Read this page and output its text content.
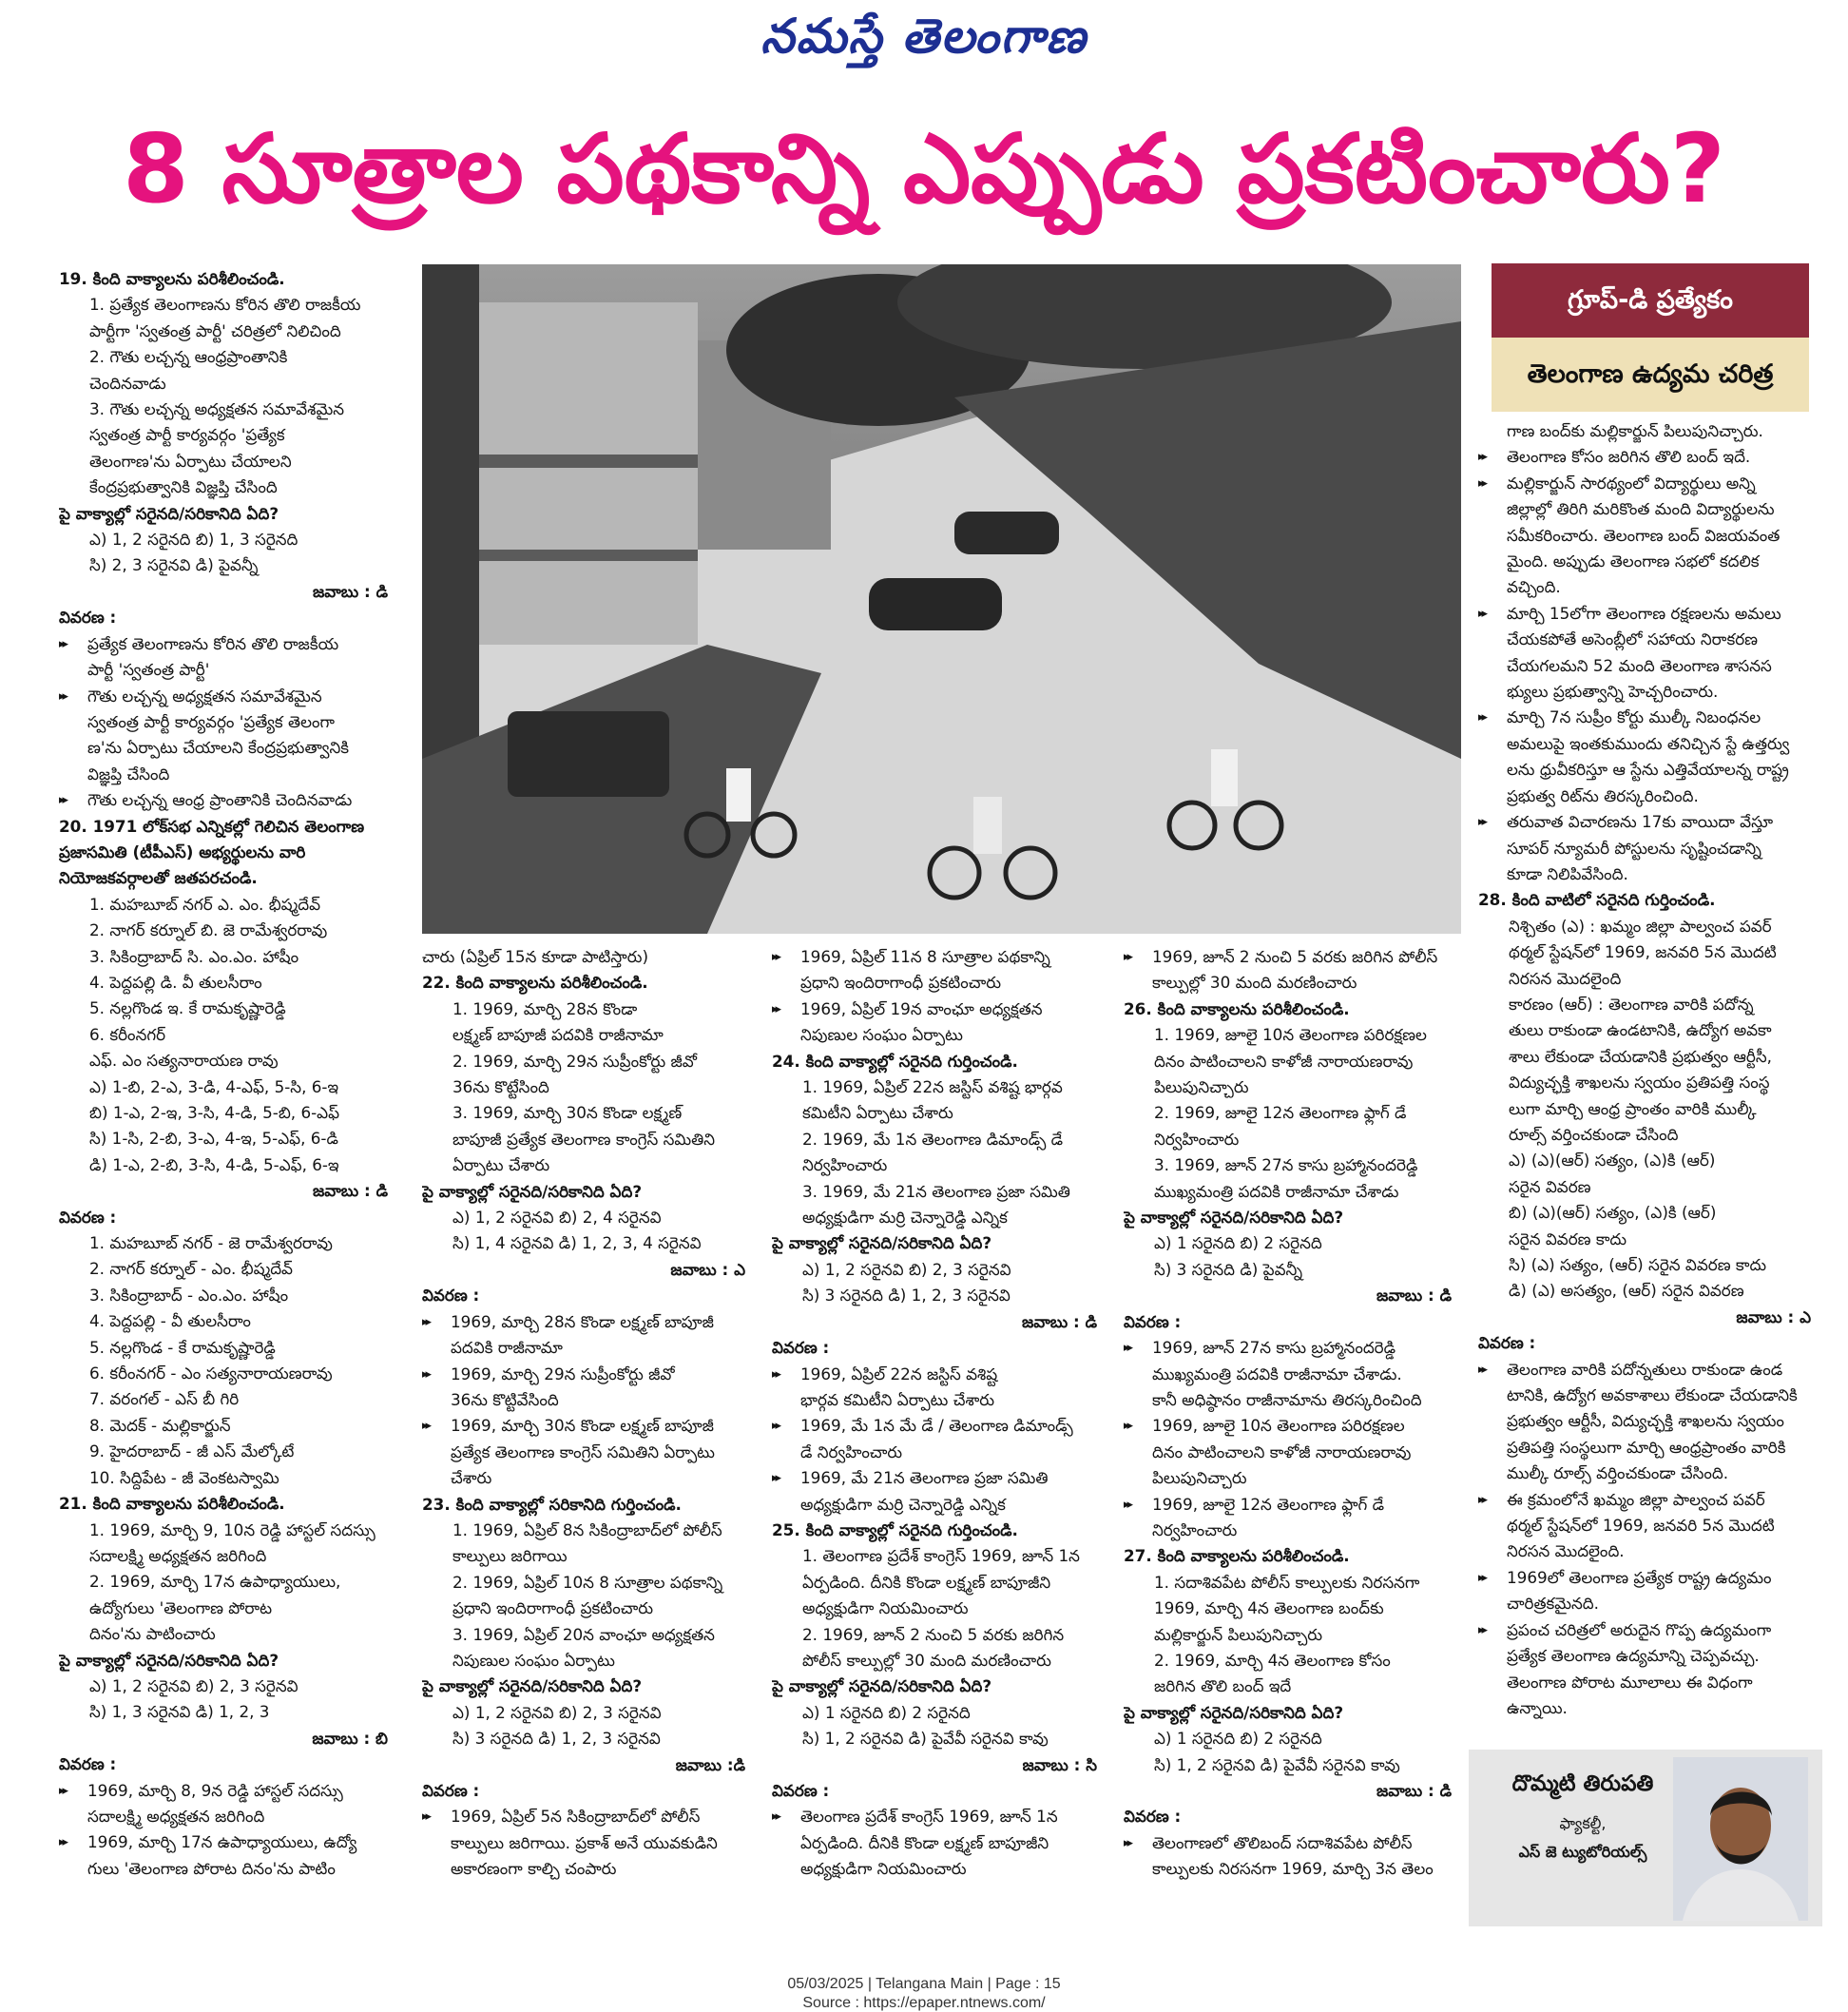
నమస్తే తెలంగాణ
8 సూత్రాల పథకాన్ని ఎప్పుడు ప్రకటించారు?

19. కింది వాక్యాలను పరిశీలించండి.

1. ప్రత్యేక తెలంగాణను కోరిన తొలి రాజకీయ

పార్టీగా 'స్వతంత్ర పార్టీ' చరిత్రలో నిలిచింది

2. గౌతు లచ్చన్న ఆంధ్రప్రాంతానికి

చెందినవాడు

3. గౌతు లచ్చన్న అధ్యక్షతన సమావేశమైన

స్వతంత్ర పార్టీ కార్యవర్గం 'ప్రత్యేక

తెలంగాణ'ను ఏర్పాటు చేయాలని

కేంద్రప్రభుత్వానికి విజ్ఞప్తి చేసింది

పై వాక్యాల్లో సరైనది/సరికానిది ఏది?

ఎ) 1, 2 సరైనది బి) 1, 3 సరైనది

సి) 2, 3 సరైనవి డి) పైవన్నీ

జవాబు : డి

వివరణ :

▸▸ ప్రత్యేక తెలంగాణను కోరిన తొలి రాజకీయ

పార్టీ 'స్వతంత్ర పార్టీ'

▸▸ గౌతు లచ్చన్న అధ్యక్షతన సమావేశమైన

స్వతంత్ర పార్టీ కార్యవర్గం 'ప్రత్యేక తెలంగా

ణ'ను ఏర్పాటు చేయాలని కేంద్రప్రభుత్వానికి

విజ్ఞప్తి చేసింది

▸▸ గౌతు లచ్చన్న ఆంధ్ర ప్రాంతానికి చెందినవాడు

20. 1971 లోక్‌సభ ఎన్నికల్లో గెలిచిన తెలంగాణ

ప్రజాసమితి (టీపీఎస్) అభ్యర్థులను వారి

నియోజకవర్గాలతో జతపరచండి.

1. మహబూబ్ నగర్ ఎ. ఎం. భీష్మదేవ్

2. నాగర్ కర్నూల్ బి. జె రామేశ్వరరావు

3. సికింద్రాబాద్ సి. ఎం.ఎం. హాషీం

4. పెద్దపల్లి డి. వీ తులసీరాం

5. నల్లగొండ ఇ. కే రామకృష్ణారెడ్డి

6. కరీంనగర్

ఎఫ్. ఎం సత్యనారాయణ రావు

ఎ) 1-బి, 2-ఎ, 3-డి, 4-ఎఫ్, 5-సి, 6-ఇ

బి) 1-ఎ, 2-ఇ, 3-సి, 4-డి, 5-బి, 6-ఎఫ్

సి) 1-సి, 2-బి, 3-ఎ, 4-ఇ, 5-ఎఫ్, 6-డి

డి) 1-ఎ, 2-బి, 3-సి, 4-డి, 5-ఎఫ్, 6-ఇ

జవాబు : డి

వివరణ :

1. మహబూబ్ నగర్ - జె రామేశ్వరరావు

2. నాగర్ కర్నూల్ - ఎం. భీష్మదేవ్

3. సికింద్రాబాద్ - ఎం.ఎం. హాషీం

4. పెద్దపల్లి - వీ తులసీరాం

5. నల్లగొండ - కే రామకృష్ణారెడ్డి

6. కరీంనగర్ - ఎం సత్యనారాయణరావు

7. వరంగల్ - ఎస్ బీ గిరి

8. మెదక్ - మల్లికార్జున్

9. హైదరాబాద్ - జీ ఎస్ మేల్కోటే

10. సిద్దిపేట - జీ వెంకటస్వామి

21. కింది వాక్యాలను పరిశీలించండి.

1. 1969, మార్చి 9, 10న రెడ్డి హాస్టల్ సదస్సు

సదాలక్ష్మి అధ్యక్షతన జరిగింది

2. 1969, మార్చి 17న ఉపాధ్యాయులు,

ఉద్యోగులు 'తెలంగాణ పోరాట

దినం'ను పాటించారు

పై వాక్యాల్లో సరైనది/సరికానిది ఏది?

ఎ) 1, 2 సరైనవి బి) 2, 3 సరైనవి

సి) 1, 3 సరైనవి డి) 1, 2, 3

జవాబు : బి

వివరణ :

▸▸ 1969, మార్చి 8, 9న రెడ్డి హాస్టల్ సదస్సు

సదాలక్ష్మి అధ్యక్షతన జరిగింది

▸▸ 1969, మార్చి 17న ఉపాధ్యాయులు, ఉద్యో

గులు 'తెలంగాణ పోరాట దినం'ను పాటిం

చారు (ఏప్రిల్ 15న కూడా పాటిస్తారు)

22. కింది వాక్యాలను పరిశీలించండి.

1. 1969, మార్చి 28న కొండా

లక్ష్మణ్ బాపూజీ పదవికి రాజీనామా

2. 1969, మార్చి 29న సుప్రీంకోర్టు జీవో

36ను కొట్టేసింది

3. 1969, మార్చి 30న కొండా లక్ష్మణ్

బాపూజీ ప్రత్యేక తెలంగాణ కాంగ్రెస్ సమితిని

ఏర్పాటు చేశారు

పై వాక్యాల్లో సరైనది/సరికానిది ఏది?

ఎ) 1, 2 సరైనవి బి) 2, 4 సరైనవి

సి) 1, 4 సరైనవి డి) 1, 2, 3, 4 సరైనవి

జవాబు : ఎ

వివరణ :

▸▸ 1969, మార్చి 28న కొండా లక్ష్మణ్ బాపూజీ

పదవికి రాజీనామా

▸▸ 1969, మార్చి 29న సుప్రీంకోర్టు జీవో

36ను కొట్టివేసింది

▸▸ 1969, మార్చి 30న కొండా లక్ష్మణ్ బాపూజీ

ప్రత్యేక తెలంగాణ కాంగ్రెస్ సమితిని ఏర్పాటు

చేశారు

23. కింది వాక్యాల్లో సరికానిది గుర్తించండి.

1. 1969, ఏప్రిల్ 8న సికింద్రాబాద్‌లో పోలీస్

కాల్పులు జరిగాయి

2. 1969, ఏప్రిల్ 10న 8 సూత్రాల పథకాన్ని

ప్రధాని ఇందిరాగాంధీ ప్రకటించారు

3. 1969, ఏప్రిల్ 20న వాంఛూ అధ్యక్షతన

నిపుణుల సంఘం ఏర్పాటు

పై వాక్యాల్లో సరైనది/సరికానిది ఏది?

ఎ) 1, 2 సరైనవి బి) 2, 3 సరైనవి

సి) 3 సరైనది డి) 1, 2, 3 సరైనవి

జవాబు :డి

వివరణ :

▸▸ 1969, ఏప్రిల్ 5న సికింద్రాబాద్‌లో పోలీస్

కాల్పులు జరిగాయి. ప్రకాశ్ అనే యువకుడిని

అకారణంగా కాల్చి చంపారు

▸▸ 1969, ఏప్రిల్ 11న 8 సూత్రాల పథకాన్ని

ప్రధాని ఇందిరాగాంధీ ప్రకటించారు

▸▸ 1969, ఏప్రిల్ 19న వాంఛూ అధ్యక్షతన

నిపుణుల సంఘం ఏర్పాటు

24. కింది వాక్యాల్లో సరైనది గుర్తించండి.

1. 1969, ఏప్రిల్ 22న జస్టిస్ వశిష్ట భార్గవ

కమిటీని ఏర్పాటు చేశారు

2. 1969, మే 1న తెలంగాణ డిమాండ్స్ డే

నిర్వహించారు

3. 1969, మే 21న తెలంగాణ ప్రజా సమితి

అధ్యక్షుడిగా మర్రి చెన్నారెడ్డి ఎన్నిక

పై వాక్యాల్లో సరైనది/సరికానిది ఏది?

ఎ) 1, 2 సరైనవి బి) 2, 3 సరైనవి

సి) 3 సరైనది డి) 1, 2, 3 సరైనవి

జవాబు : డి

వివరణ :

▸▸ 1969, ఏప్రిల్ 22న జస్టిస్ వశిష్ట

భార్గవ కమిటీని ఏర్పాటు చేశారు

▸▸ 1969, మే 1న మే డే / తెలంగాణ డిమాండ్స్

డే నిర్వహించారు

▸▸ 1969, మే 21న తెలంగాణ ప్రజా సమితి

అధ్యక్షుడిగా మర్రి చెన్నారెడ్డి ఎన్నిక

25. కింది వాక్యాల్లో సరైనది గుర్తించండి.

1. తెలంగాణ ప్రదేశ్ కాంగ్రెస్ 1969, జూన్ 1న

ఏర్పడింది. దీనికి కొండా లక్ష్మణ్ బాపూజీని

అధ్యక్షుడిగా నియమించారు

2. 1969, జూన్ 2 నుంచి 5 వరకు జరిగిన

పోలీస్ కాల్పుల్లో 30 మంది మరణించారు

పై వాక్యాల్లో సరైనది/సరికానిది ఏది?

ఎ) 1 సరైనది బి) 2 సరైనది

సి) 1, 2 సరైనవి డి) పైవేవీ సరైనవి కావు

జవాబు : సి

వివరణ :

▸▸ తెలంగాణ ప్రదేశ్ కాంగ్రెస్ 1969, జూన్ 1న

ఏర్పడింది. దీనికి కొండా లక్ష్మణ్ బాపూజీని

అధ్యక్షుడిగా నియమించారు

▸▸ 1969, జూన్ 2 నుంచి 5 వరకు జరిగిన పోలీస్

కాల్పుల్లో 30 మంది మరణించారు

26. కింది వాక్యాలను పరిశీలించండి.

1. 1969, జూలై 10న తెలంగాణ పరిరక్షణల

దినం పాటించాలని కాళోజీ నారాయణరావు

పిలుపునిచ్చారు

2. 1969, జూలై 12న తెలంగాణ ఫ్లాగ్ డే

నిర్వహించారు

3. 1969, జూన్ 27న కాసు బ్రహ్మానందరెడ్డి

ముఖ్యమంత్రి పదవికి రాజీనామా చేశాడు

పై వాక్యాల్లో సరైనది/సరికానిది ఏది?

ఎ) 1 సరైనది బి) 2 సరైనది

సి) 3 సరైనది డి) పైవన్నీ

జవాబు : డి

వివరణ :

▸▸ 1969, జూన్ 27న కాసు బ్రహ్మానందరెడ్డి

ముఖ్యమంత్రి పదవికి రాజీనామా చేశాడు.

కానీ అధిష్ఠానం రాజీనామాను తిరస్కరించింది

▸▸ 1969, జూలై 10న తెలంగాణ పరిరక్షణల

దినం పాటించాలని కాళోజీ నారాయణరావు

పిలుపునిచ్చారు

▸▸ 1969, జూలై 12న తెలంగాణ ఫ్లాగ్ డే

నిర్వహించారు

27. కింది వాక్యాలను పరిశీలించండి.

1. సదాశివపేట పోలీస్ కాల్పులకు నిరసనగా

1969, మార్చి 4న తెలంగాణ బంద్‌కు

మల్లికార్జున్ పిలుపునిచ్చారు

2. 1969, మార్చి 4న తెలంగాణ కోసం

జరిగిన తొలి బంద్ ఇదే

పై వాక్యాల్లో సరైనది/సరికానిది ఏది?

ఎ) 1 సరైనది బి) 2 సరైనది

సి) 1, 2 సరైనవి డి) పైవేవీ సరైనవి కావు

జవాబు : డి

వివరణ :

▸▸ తెలంగాణలో తొలిబంద్ సదాశివపేట పోలీస్

కాల్పులకు నిరసనగా 1969, మార్చి 3న తెలం

గాణ బంద్‌కు మల్లికార్జున్ పిలుపునిచ్చారు.

▸▸ తెలంగాణ కోసం జరిగిన తొలి బంద్ ఇదే.

▸▸ మల్లికార్జున్ సారథ్యంలో విద్యార్థులు అన్ని

జిల్లాల్లో తిరిగి మరికొంత మంది విద్యార్థులను

సమీకరించారు. తెలంగాణ బంద్ విజయవంత

మైంది. అప్పుడు తెలంగాణ సభలో కదలిక

వచ్చింది.

▸▸ మార్చి 15లోగా తెలంగాణ రక్షణలను అమలు

చేయకపోతే అసెంబ్లీలో సహాయ నిరాకరణ

చేయగలమని 52 మంది తెలంగాణ శాసనస

భ్యులు ప్రభుత్వాన్ని హెచ్చరించారు.

▸▸ మార్చి 7న సుప్రీం కోర్టు ముల్కీ నిబంధనల

అమలుపై ఇంతకుముందు తనిచ్చిన స్టే ఉత్తర్వు

లను ధ్రువీకరిస్తూ ఆ స్టేను ఎత్తివేయాలన్న రాష్ట్ర

ప్రభుత్వ రిట్‌ను తిరస్కరించింది.

▸▸ తరువాత విచారణను 17కు వాయిదా వేస్తూ

సూపర్ న్యూమరీ పోస్టులను సృష్టించడాన్ని

కూడా నిలిపివేసింది.

28. కింది వాటిలో సరైనది గుర్తించండి.

నిశ్చితం (ఎ) : ఖమ్మం జిల్లా పాల్వంచ పవర్

థర్మల్ స్టేషన్‌లో 1969, జనవరి 5న మొదటి

నిరసన మొదలైంది

కారణం (ఆర్) : తెలంగాణ వారికి పదోన్న

తులు రాకుండా ఉండటానికి, ఉద్యోగ అవకా

శాలు లేకుండా చేయడానికి ప్రభుత్వం ఆర్టీసీ,

విద్యుచ్ఛక్తి శాఖలను స్వయం ప్రతిపత్తి సంస్థ

లుగా మార్చి ఆంధ్ర ప్రాంతం వారికి ముల్కీ

రూల్స్ వర్తించకుండా చేసింది

ఎ) (ఎ)(ఆర్) సత్యం, (ఎ)కి (ఆర్)

సరైన వివరణ

బి) (ఎ)(ఆర్) సత్యం, (ఎ)కి (ఆర్)

సరైన వివరణ కాదు

సి) (ఎ) సత్యం, (ఆర్) సరైన వివరణ కాదు

డి) (ఎ) అసత్యం, (ఆర్) సరైన వివరణ

జవాబు : ఎ

వివరణ :

▸▸ తెలంగాణ వారికి పదోన్నతులు రాకుండా ఉండ

టానికి, ఉద్యోగ అవకాశాలు లేకుండా చేయడానికి

ప్రభుత్వం ఆర్టీసీ, విద్యుచ్ఛక్తి శాఖలను స్వయం

ప్రతిపత్తి సంస్థలుగా మార్చి ఆంధ్రప్రాంతం వారికి

ముల్కీ రూల్స్ వర్తించకుండా చేసింది.

▸▸ ఈ క్రమంలోనే ఖమ్మం జిల్లా పాల్వంచ పవర్

థర్మల్ స్టేషన్‌లో 1969, జనవరి 5న మొదటి

నిరసన మొదలైంది.

▸▸ 1969లో తెలంగాణ ప్రత్యేక రాష్ట్ర ఉద్యమం

చారిత్రకమైనది.

▸▸ ప్రపంచ చరిత్రలో అరుదైన గొప్ప ఉద్యమంగా

ప్రత్యేక తెలంగాణ ఉద్యమాన్ని చెప్పవచ్చు.

తెలంగాణ పోరాట మూలాలు ఈ విధంగా

ఉన్నాయి.

గ్రూప్-డి ప్రత్యేకం
తెలంగాణ ఉద్యమ చరిత్ర
దొమ్మటి తిరుపతి
ఫ్యాకల్టీ,
ఎస్ జె ట్యుటోరియల్స్
05/03/2025 | Telangana Main | Page : 15
Source : https://epaper.ntnews.com/
